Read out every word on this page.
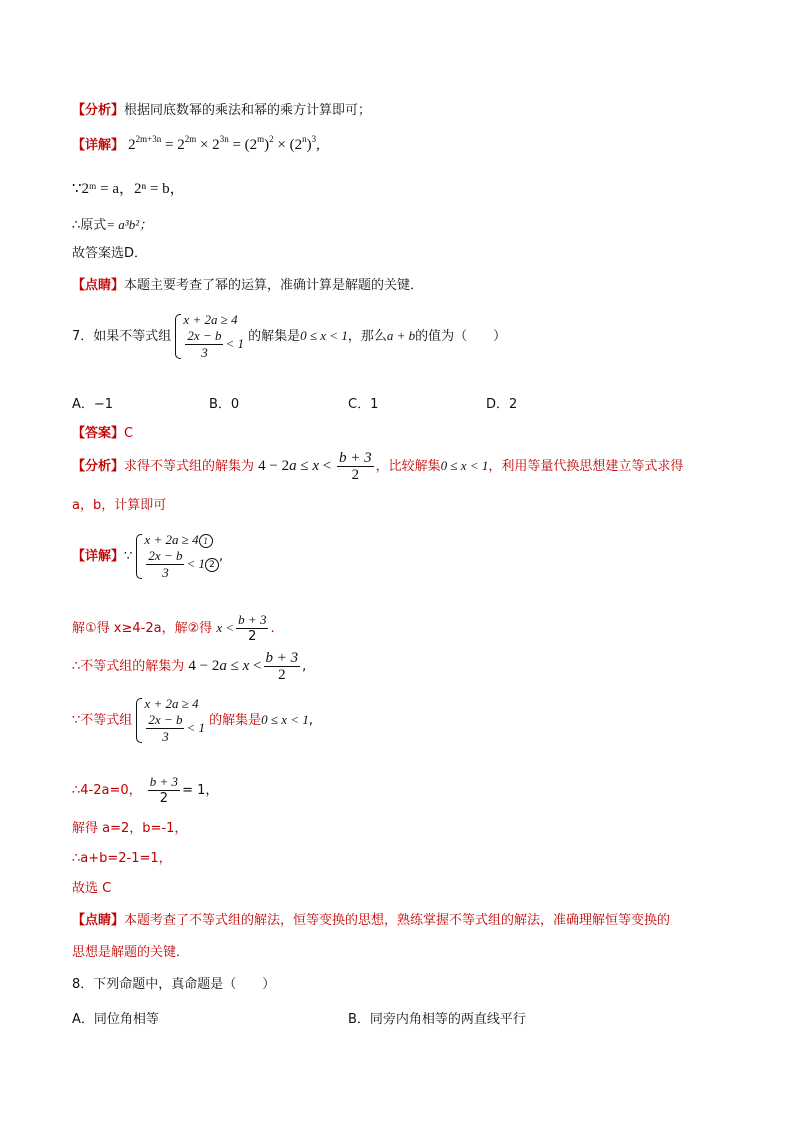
【分析】根据同底数幂的乘法和幂的乘方计算即可；
【详解】 $2^{2m+3n} = 2^{2m} \times 2^{3n} = (2^m)^2 \times (2^n)^3$,
∵2ᵐ = a，2ⁿ = b，
∴原式= a³b²；
故答案选D．
【点睛】本题主要考查了幂的运算，准确计算是解题的关键．
7．如果不等式组
x + 2a ≥ 4
$\frac{2x - b}{3} < 1$ 的解集是0 ≤ x < 1，那么a + b的值为（　　）
A．−1	B．0	C．1	D．2
【答案】C
【分析】求得不等式组的解集为 $4 - 2a \le x < \frac{b + 3}{2}$ ，比较解集0 ≤ x < 1，利用等量代换思想建立等式求得
a，b，计算即可
【详解】∵
x + 2a ≥ 4 1
$\frac{2x - b}{3} < 1$ 2
,
解①得 x≥4-2a，解②得 $x < \frac{b + 3}{2}$ .
∴不等式组的解集为 $4 - 2a \le x < \frac{b + 3}{2}$ ,
∵不等式组
x + 2a ≥ 4
$\frac{2x - b}{3} < 1$ 的解集是0 ≤ x < 1,
∴4-2a=0， $\frac{b + 3}{2} = 1$，
解得 a=2，b=-1，
∴a+b=2-1=1，
故选 C
【点睛】本题考查了不等式组的解法，恒等变换的思想，熟练掌握不等式组的解法，准确理解恒等变换的
思想是解题的关键．
8．下列命题中，真命题是（　　）
A．同位角相等	B．同旁内角相等的两直线平行
